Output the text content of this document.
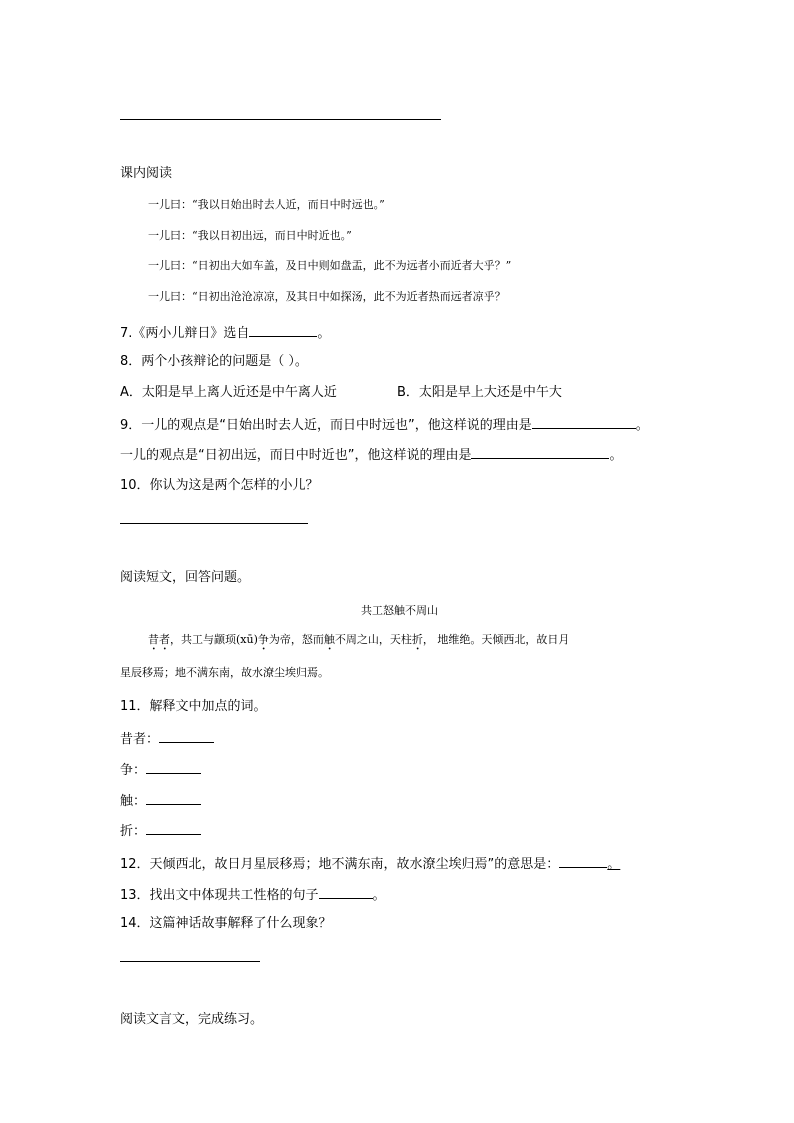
课内阅读
一儿曰：“我以日始出时去人近，而日中时远也。”
一儿曰：“我以日初出远，而日中时近也。”
一儿曰：“日初出大如车盖，及日中则如盘盂，此不为远者小而近者大乎？”
一儿曰：“日初出沧沧凉凉，及其日中如探汤，此不为近者热而远者凉乎？
7.《两小儿辩日》选自	。
8．两个小孩辩论的问题是（ ）。
A．太阳是早上离人近还是中午离人近	B．太阳是早上大还是中午大
9．一儿的观点是“日始出时去人近，而日中时远也”，他这样说的理由是	。
一儿的观点是“日初出远，而日中时近也”，他这样说的理由是	。
10．你认为这是两个怎样的小儿？
阅读短文，回答问题。
共工怒触不周山
昔者，共工与颛顼(xū)争为帝，怒而触不周之山，天柱折， 地维绝。天倾西北，故日月
星辰移焉；地不满东南，故水潦尘埃归焉。
11．解释文中加点的词。
昔者：
争：
触：
折：
12．天倾西北，故日月星辰移焉；地不满东南，故水潦尘埃归焉”的意思是：	。
13．找出文中体现共工性格的句子	。
14．这篇神话故事解释了什么现象？
阅读文言文，完成练习。
